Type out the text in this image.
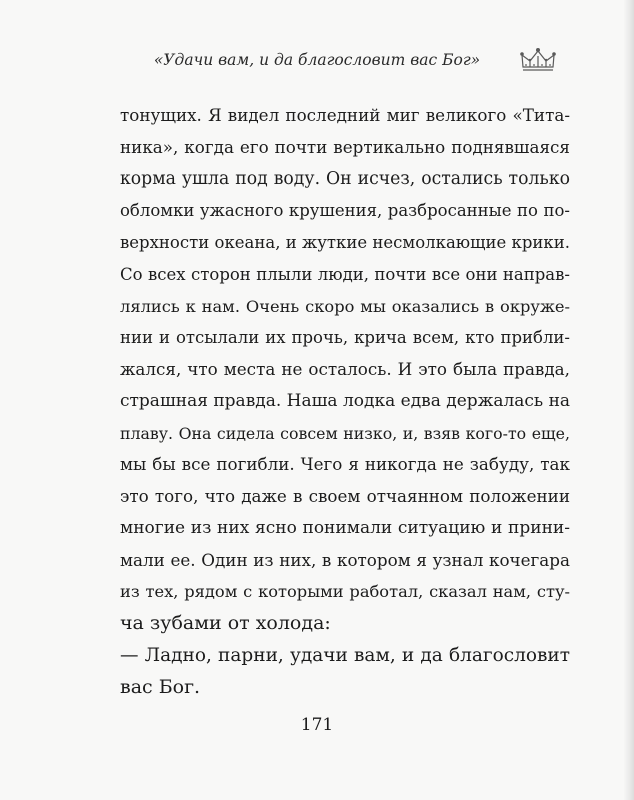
«Удачи вам, и да благословит вас Бог»
тонущих. Я видел последний миг великого «Тита-
ника», когда его почти вертикально поднявшаяся
корма ушла под воду. Он исчез, остались только
обломки ужасного крушения, разбросанные по по-
верхности океана, и жуткие несмолкающие крики.
Со всех сторон плыли люди, почти все они направ-
лялись к нам. Очень скоро мы оказались в окруже-
нии и отсылали их прочь, крича всем, кто прибли-
жался, что места не осталось. И это была правда,
страшная правда. Наша лодка едва держалась на
плаву. Она сидела совсем низко, и, взяв кого-то еще,
мы бы все погибли. Чего я никогда не забуду, так
это того, что даже в своем отчаянном положении
многие из них ясно понимали ситуацию и прини-
мали ее. Один из них, в котором я узнал кочегара
из тех, рядом с которыми работал, сказал нам, сту-
ча зубами от холода:
— Ладно, парни, удачи вам, и да благословит
вас Бог.
171
